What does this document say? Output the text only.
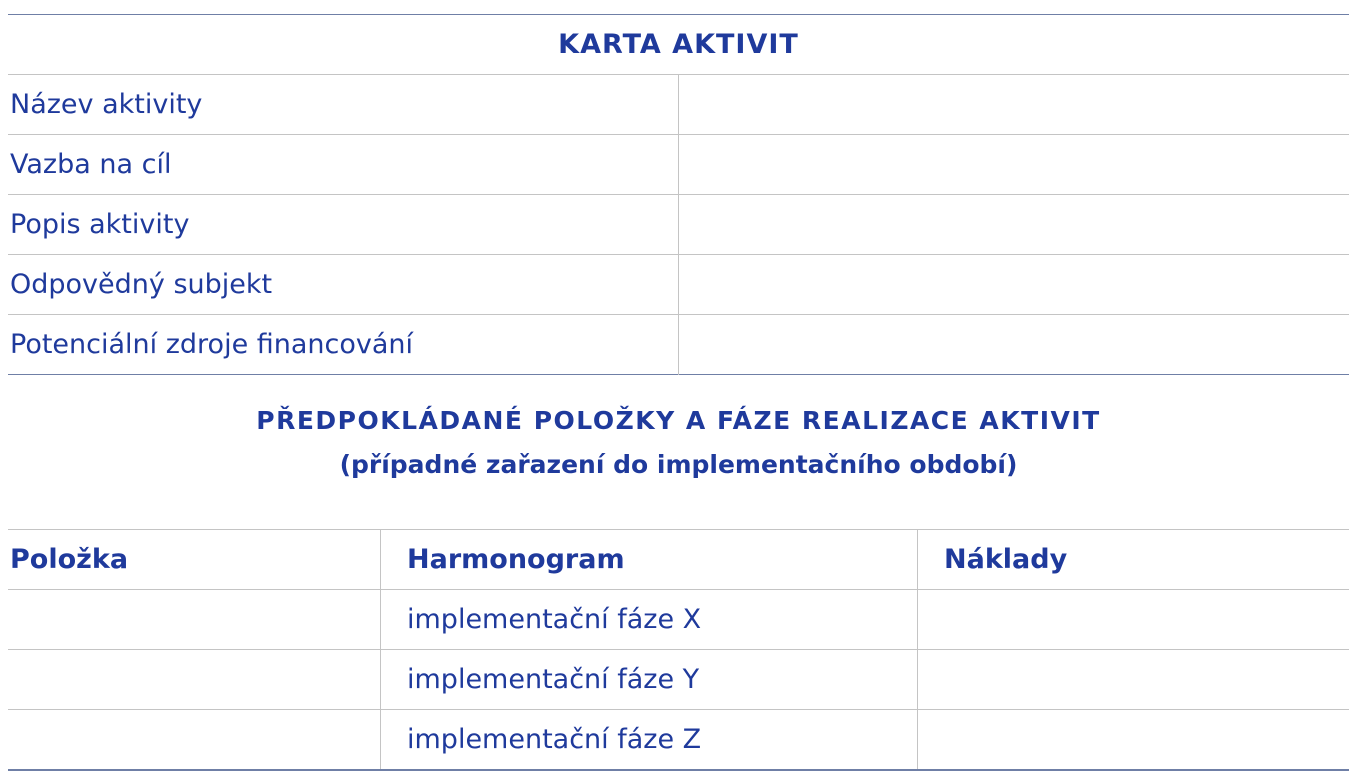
KARTA AKTIVIT	
Název aktivity	
Vazba na cíl	
Popis aktivity	
Odpovědný subjekt	
Potenciální zdroje financování	
PŘEDPOKLÁDANÉ POLOŽKY A FÁZE REALIZACE AKTIVIT
(případné zařazení do implementačního období)
Položka	Harmonogram	Náklady
	implementační fáze X	
	implementační fáze Y	
	implementační fáze Z	
